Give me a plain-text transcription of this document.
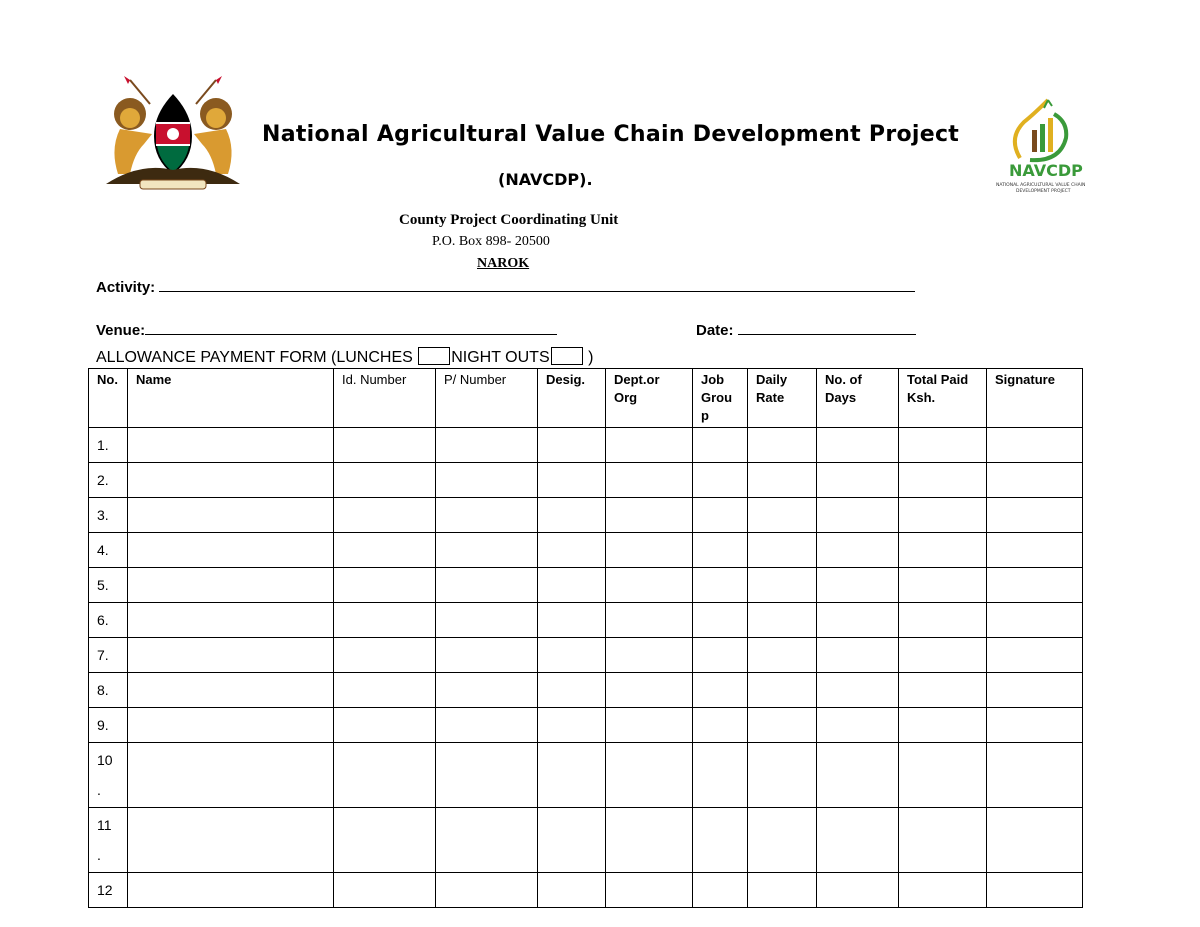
National Agricultural Value Chain Development Project
(NAVCDP).	NAVCDP
NATIONAL AGRICULTURAL VALUE CHAIN
DEVELOPMENT PROJECT
County Project Coordinating Unit
P.O. Box 898- 20500
NAROK
Activity:
Venue:	Date:
ALLOWANCE PAYMENT FORM (LUNCHES NIGHT OUTS )
No.	Name	Id. Number	P/ Number	Desig.	Dept.or Org	Job Grou p	Daily Rate	No. of Days	Total Paid Ksh.	Signature
1.										
2.										
3.										
4.										
5.										
6.										
7.										
8.										
9.										
10 .										
11 .										
12										
